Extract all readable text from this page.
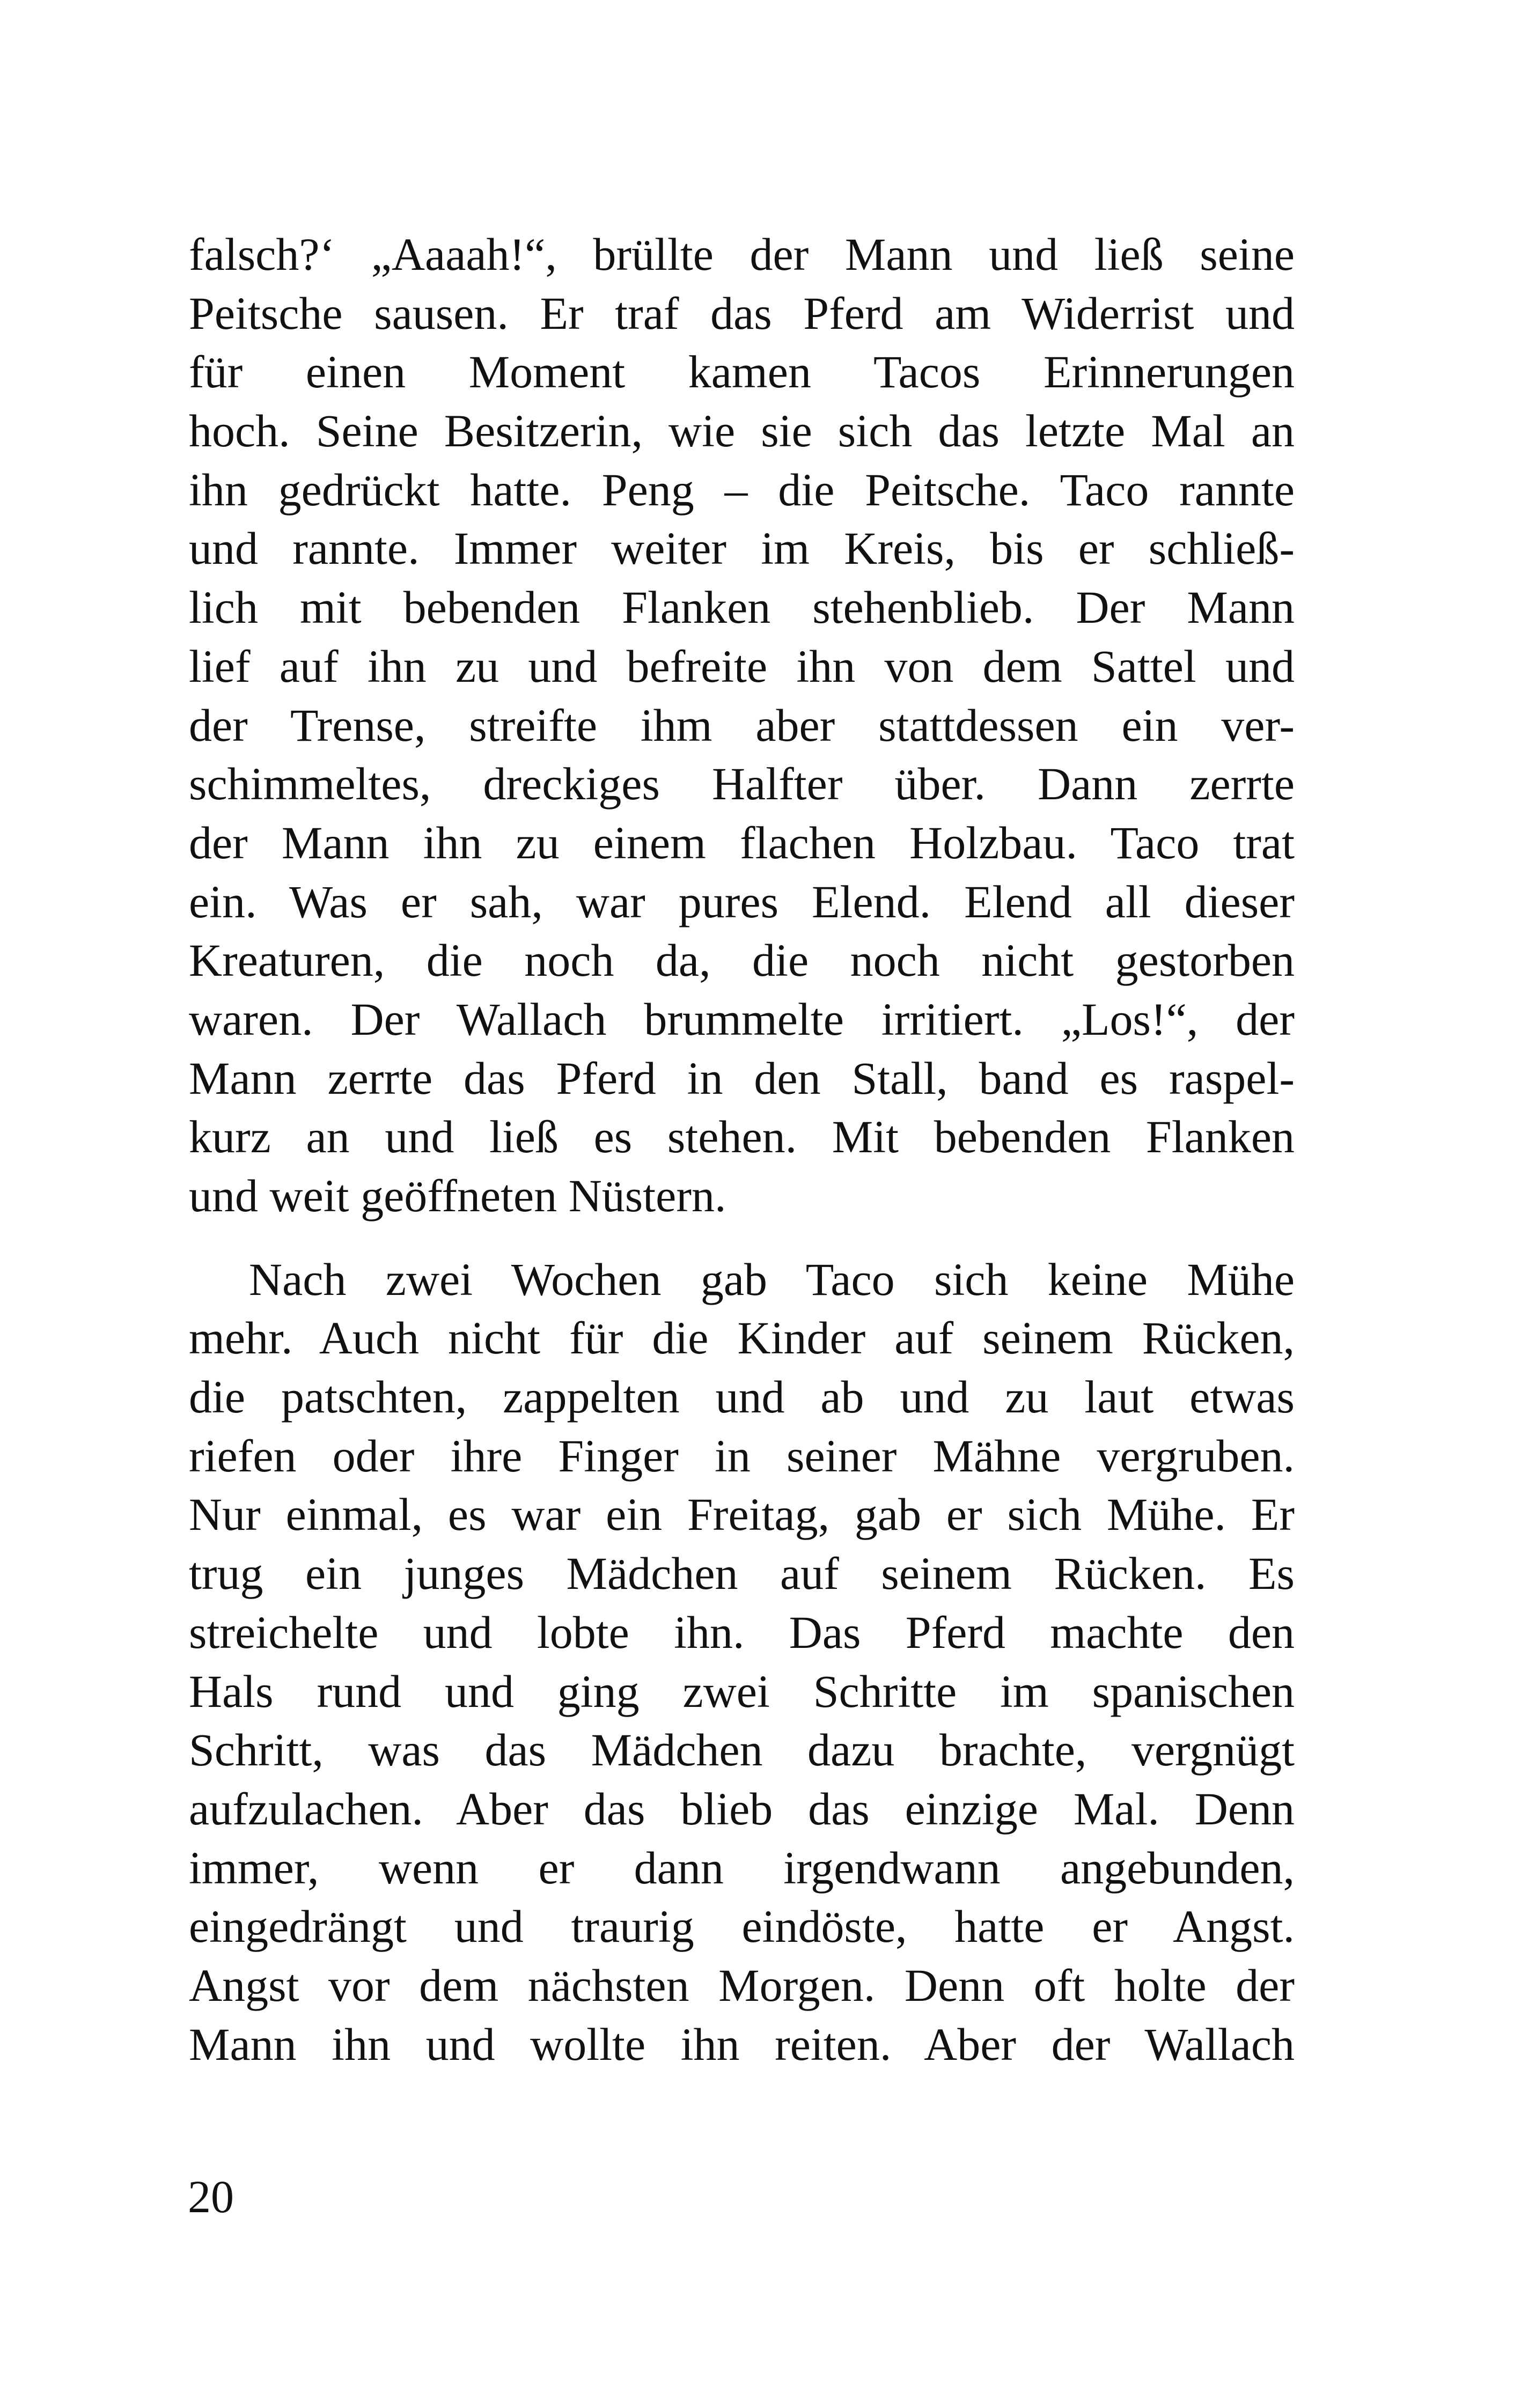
falsch?‘ „Aaaah!“, brüllte der Mann und ließ seine
Peitsche sausen. Er traf das Pferd am Widerrist und
für einen Moment kamen Tacos Erinnerungen
hoch. Seine Besitzerin, wie sie sich das letzte Mal an
ihn gedrückt hatte. Peng – die Peitsche. Taco rannte
und rannte. Immer weiter im Kreis, bis er schließ-
lich mit bebenden Flanken stehenblieb. Der Mann
lief auf ihn zu und befreite ihn von dem Sattel und
der Trense, streifte ihm aber stattdessen ein ver-
schimmeltes, dreckiges Halfter über. Dann zerrte
der Mann ihn zu einem flachen Holzbau. Taco trat
ein. Was er sah, war pures Elend. Elend all dieser
Kreaturen, die noch da, die noch nicht gestorben
waren. Der Wallach brummelte irritiert. „Los!“, der
Mann zerrte das Pferd in den Stall, band es raspel-
kurz an und ließ es stehen. Mit bebenden Flanken
und weit geöffneten Nüstern.

Nach zwei Wochen gab Taco sich keine Mühe
mehr. Auch nicht für die Kinder auf seinem Rücken,
die patschten, zappelten und ab und zu laut etwas
riefen oder ihre Finger in seiner Mähne vergruben.
Nur einmal, es war ein Freitag, gab er sich Mühe. Er
trug ein junges Mädchen auf seinem Rücken. Es
streichelte und lobte ihn. Das Pferd machte den
Hals rund und ging zwei Schritte im spanischen
Schritt, was das Mädchen dazu brachte, vergnügt
aufzulachen. Aber das blieb das einzige Mal. Denn
immer, wenn er dann irgendwann angebunden,
eingedrängt und traurig eindöste, hatte er Angst.
Angst vor dem nächsten Morgen. Denn oft holte der
Mann ihn und wollte ihn reiten. Aber der Wallach

20
